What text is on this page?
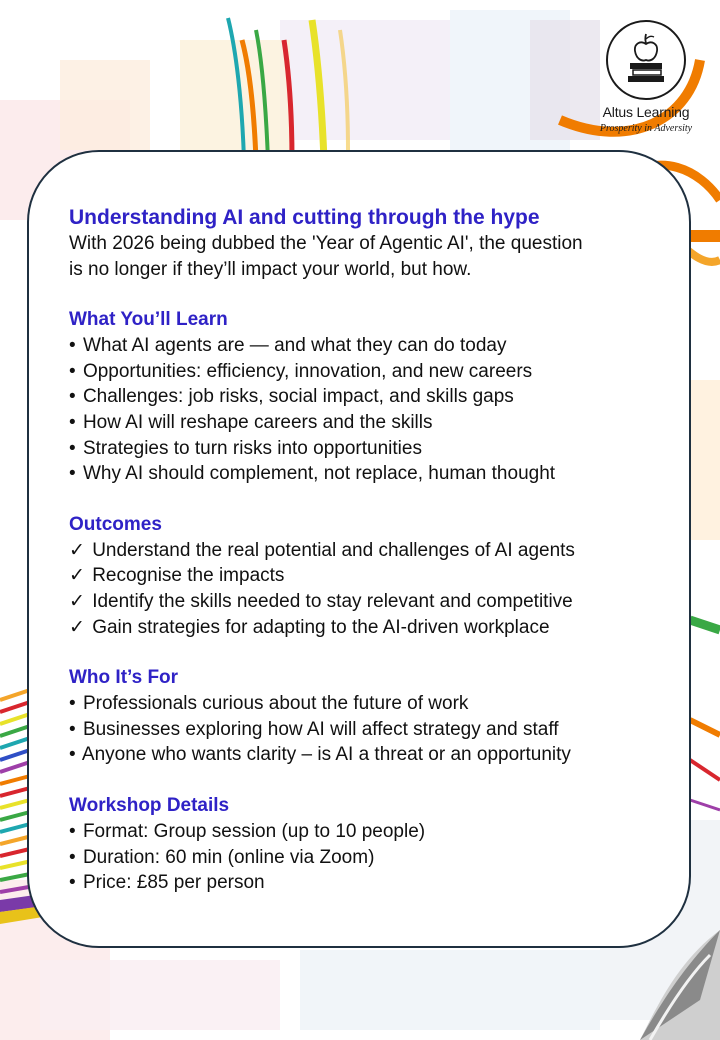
Altus Learning
Prosperity in Adversity

Understanding AI and cutting through the hype

With 2026 being dubbed the 'Year of Agentic AI', the question

is no longer if they’ll impact your world, but how.

What You’ll Learn

• What AI agents are — and what they can do today

• Opportunities: efficiency, innovation, and new careers

• Challenges: job risks, social impact, and skills gaps

• How AI will reshape careers and the skills

• Strategies to turn risks into opportunities

• Why AI should complement, not replace, human thought

Outcomes

✓ Understand the real potential and challenges of AI agents

✓ Recognise the impacts

✓ Identify the skills needed to stay relevant and competitive

✓ Gain strategies for adapting to the AI-driven workplace

Who It’s For

• Professionals curious about the future of work

• Businesses exploring how AI will affect strategy and staff

• Anyone who wants clarity – is AI a threat or an opportunity

Workshop Details

• Format: Group session (up to 10 people)

• Duration: 60 min (online via Zoom)

• Price: £85 per person
